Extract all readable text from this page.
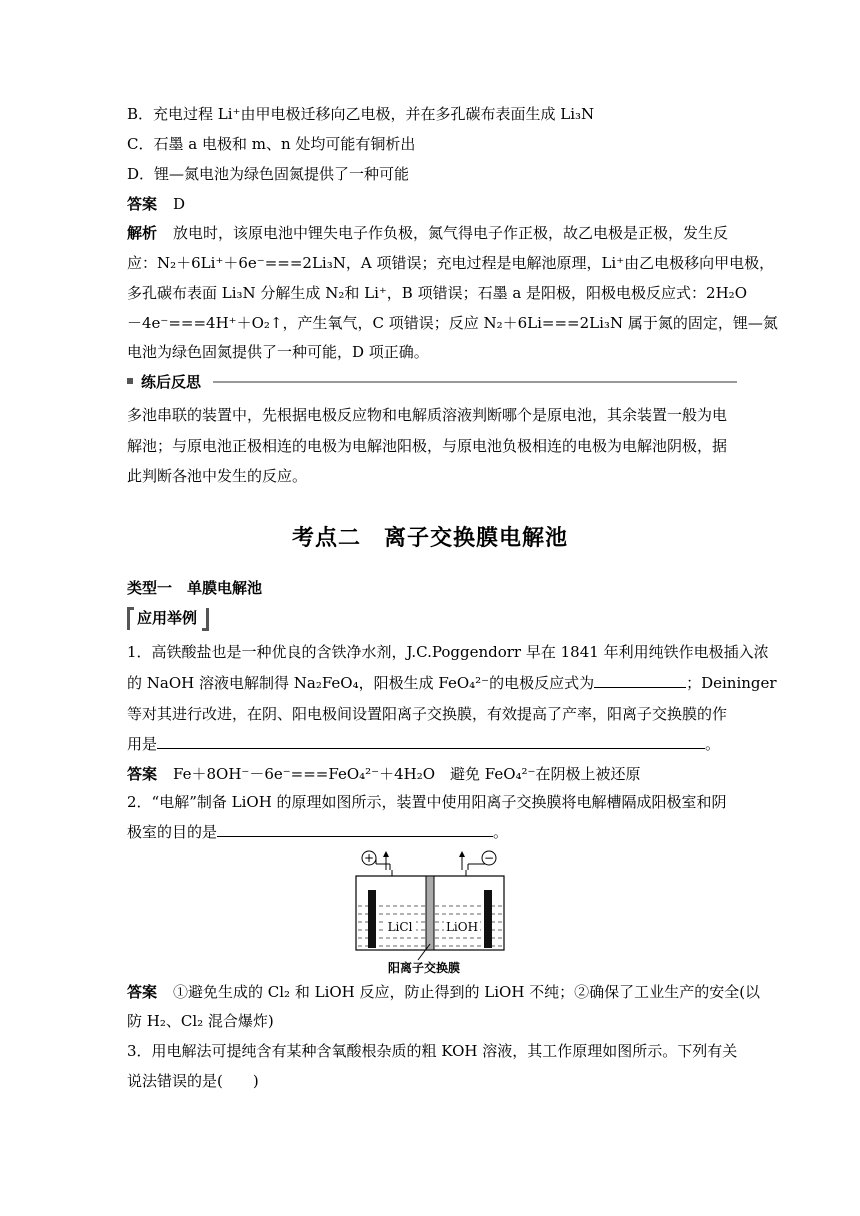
B．充电过程 Li⁺由甲电极迁移向乙电极，并在多孔碳布表面生成 Li₃N
C．石墨 a 电极和 m、n 处均可能有铜析出
D．锂—氮电池为绿色固氮提供了一种可能
答案 D
解析 放电时，该原电池中锂失电子作负极，氮气得电子作正极，故乙电极是正极，发生反
应：N₂＋6Li⁺＋6e⁻===2Li₃N，A 项错误；充电过程是电解池原理，Li⁺由乙电极移向甲电极，
多孔碳布表面 Li₃N 分解生成 N₂和 Li⁺，B 项错误；石墨 a 是阳极，阳极电极反应式：2H₂O
－4e⁻===4H⁺＋O₂↑，产生氧气，C 项错误；反应 N₂＋6Li===2Li₃N 属于氮的固定，锂—氮
电池为绿色固氮提供了一种可能，D 项正确。
练后反思
多池串联的装置中，先根据电极反应物和电解质溶液判断哪个是原电池，其余装置一般为电
解池；与原电池正极相连的电极为电解池阳极，与原电池负极相连的电极为电解池阴极，据
此判断各池中发生的反应。
考点二　离子交换膜电解池
类型一　单膜电解池
应用举例
1．高铁酸盐也是一种优良的含铁净水剂，J.C.Poggendorr 早在 1841 年利用纯铁作电极插入浓
的 NaOH 溶液电解制得 Na₂FeO₄，阳极生成 FeO₄²⁻的电极反应式为	；Deininger
等对其进行改进，在阴、阳电极间设置阳离子交换膜，有效提高了产率，阳离子交换膜的作
用是	。
答案 Fe＋8OH⁻－6e⁻===FeO₄²⁻＋4H₂O　避免 FeO₄²⁻在阴极上被还原
2．“电解”制备 LiOH 的原理如图所示，装置中使用阳离子交换膜将电解槽隔成阳极室和阴
极室的目的是	。
+	−
LiCl	LiOH
阳离子交换膜
答案 ①避免生成的 Cl₂ 和 LiOH 反应，防止得到的 LiOH 不纯；②确保了工业生产的安全(以
防 H₂、Cl₂ 混合爆炸)
3．用电解法可提纯含有某种含氧酸根杂质的粗 KOH 溶液，其工作原理如图所示。下列有关
说法错误的是(　　)
